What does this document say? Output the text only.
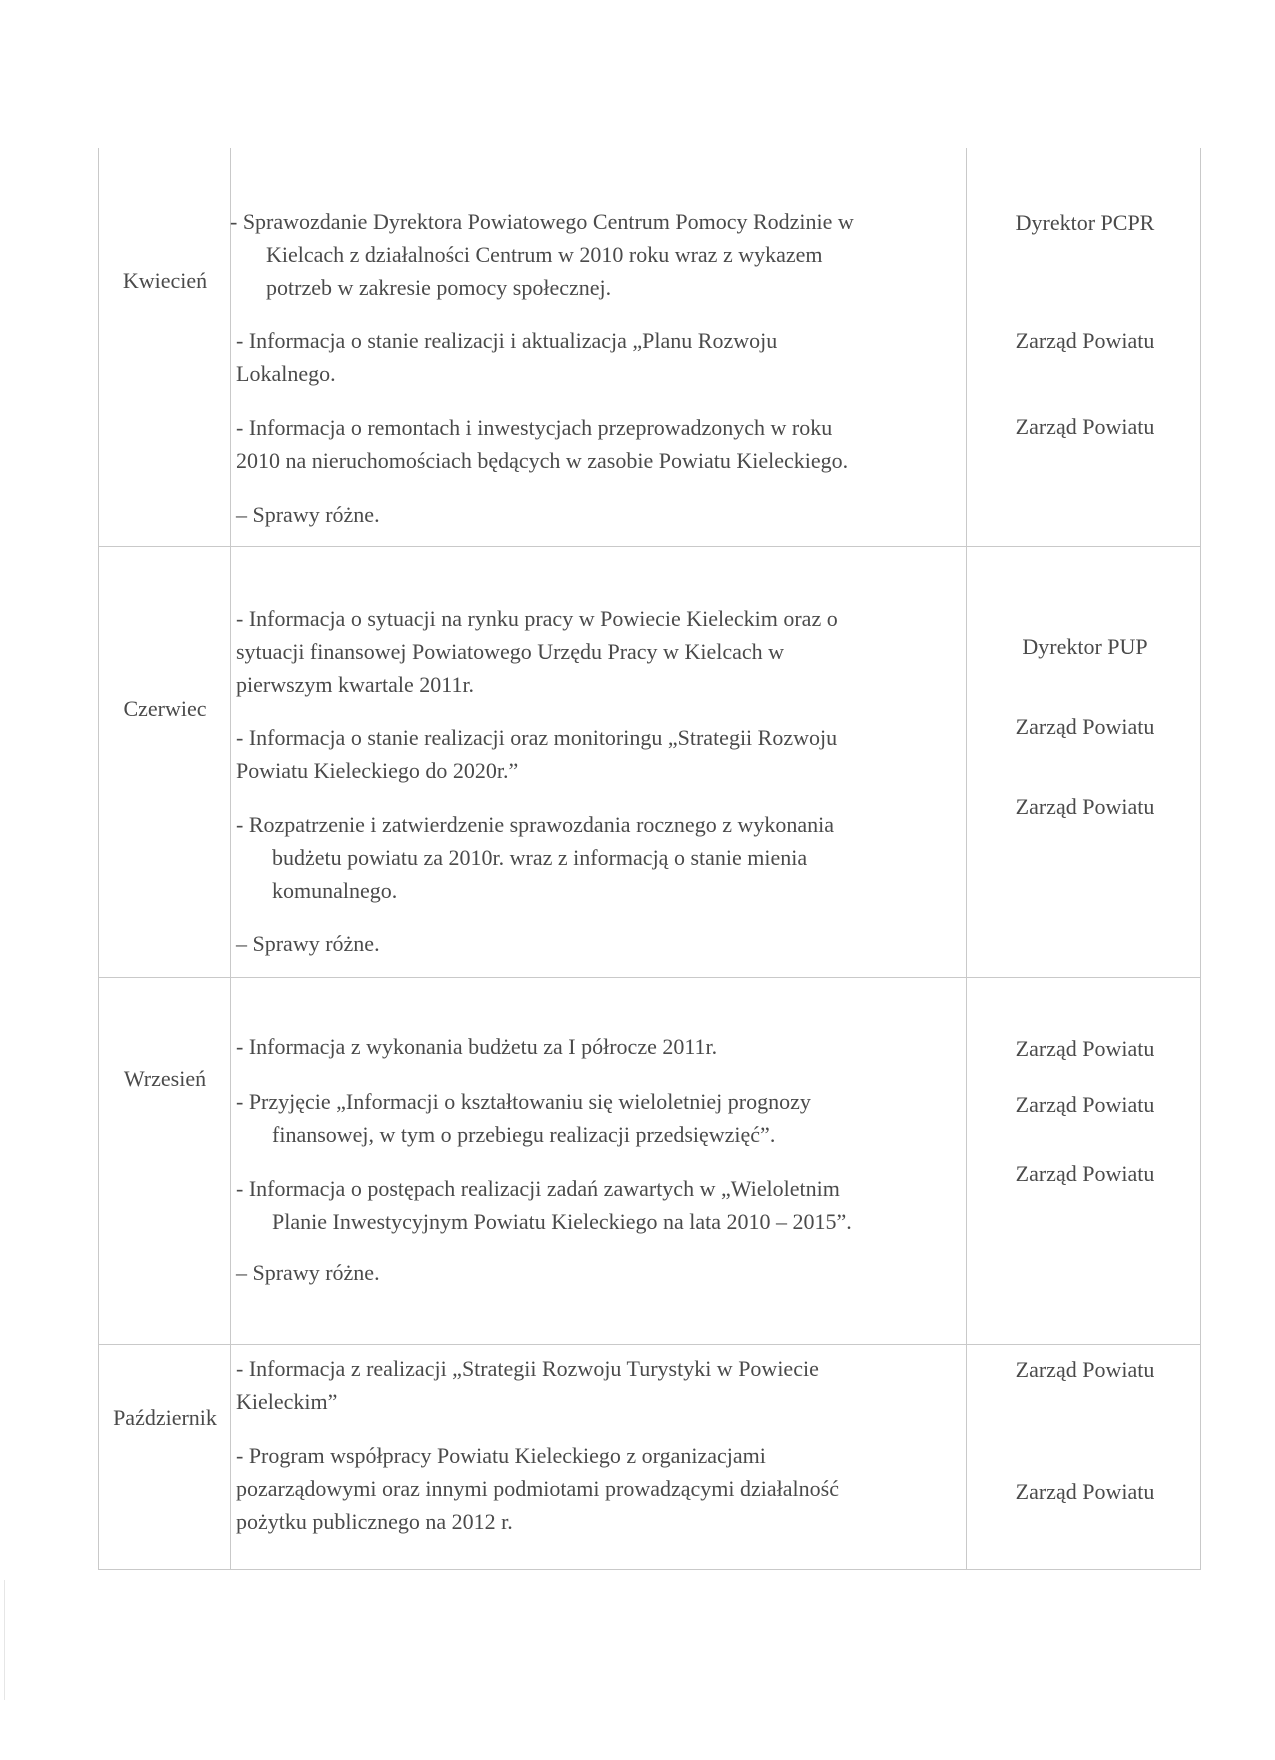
Kwiecień
- Sprawozdanie Dyrektora Powiatowego Centrum Pomocy Rodzinie w
Kielcach z działalności Centrum w 2010 roku wraz z wykazem
potrzeb w zakresie pomocy społecznej.
- Informacja o stanie realizacji i aktualizacja „Planu Rozwoju
Lokalnego.
- Informacja o remontach i inwestycjach przeprowadzonych w roku
2010 na nieruchomościach będących w zasobie Powiatu Kieleckiego.
– Sprawy różne.
Dyrektor PCPR
Zarząd Powiatu
Zarząd Powiatu
Czerwiec
- Informacja o sytuacji na rynku pracy w Powiecie Kieleckim oraz o
sytuacji finansowej Powiatowego Urzędu Pracy w Kielcach w
pierwszym kwartale 2011r.
- Informacja o stanie realizacji oraz monitoringu „Strategii Rozwoju
Powiatu Kieleckiego do 2020r.”
- Rozpatrzenie i zatwierdzenie sprawozdania rocznego z wykonania
budżetu powiatu za 2010r. wraz z informacją o stanie mienia
komunalnego.
– Sprawy różne.
Dyrektor PUP
Zarząd Powiatu
Zarząd Powiatu
Wrzesień
- Informacja z wykonania budżetu za I półrocze 2011r.
- Przyjęcie „Informacji o kształtowaniu się wieloletniej prognozy
finansowej, w tym o przebiegu realizacji przedsięwzięć”.
- Informacja o postępach realizacji zadań zawartych w „Wieloletnim
Planie Inwestycyjnym Powiatu Kieleckiego na lata 2010 – 2015”.
– Sprawy różne.
Zarząd Powiatu
Zarząd Powiatu
Zarząd Powiatu
Październik
- Informacja z realizacji „Strategii Rozwoju Turystyki w Powiecie
Kieleckim”
- Program współpracy Powiatu Kieleckiego z organizacjami
pozarządowymi oraz innymi podmiotami prowadzącymi działalność
pożytku publicznego na 2012 r.
Zarząd Powiatu
Zarząd Powiatu
